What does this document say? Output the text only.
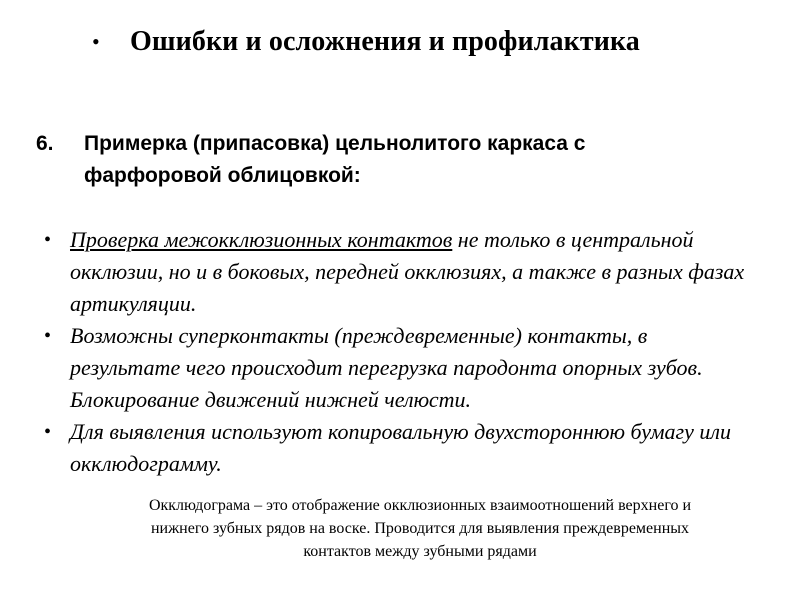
•	Ошибки и осложнения и профилактика
6.	Примерка (припасовка) цельнолитого каркаса с
фарфоровой облицовкой:
• Проверка межокклюзионных контактов не только в центральной окклюзии, но и в боковых, передней окклюзиях, а также в разных фазах артикуляции.
• Возможны суперконтакты (преждевременные) контакты, в результате чего происходит перегрузка пародонта опорных зубов. Блокирование движений нижней челюсти.
• Для выявления используют копировальную двухстороннюю бумагу или окклюдограмму.
Окклюдограма – это отображение окклюзионных взаимоотношений верхнего и
нижнего зубных рядов на воске. Проводится для выявления преждевременных
контактов между зубными рядами
